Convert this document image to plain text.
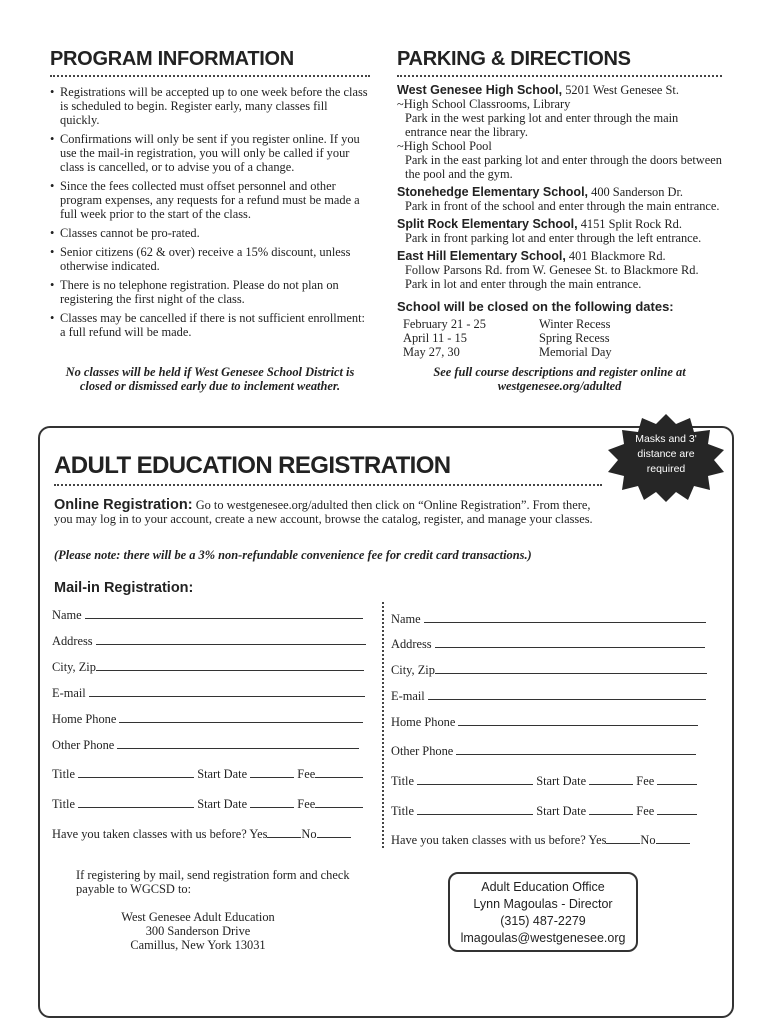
PROGRAM INFORMATION
• Registrations will be accepted up to one week before the class is scheduled to begin. Register early, many classes fill quickly.
• Confirmations will only be sent if you register online. If you use the mail-in registration, you will only be called if your class is cancelled, or to advise you of a change.
• Since the fees collected must offset personnel and other program expenses, any requests for a refund must be made a full week prior to the start of the class.
• Classes cannot be pro-rated.
• Senior citizens (62 & over) receive a 15% discount, unless otherwise indicated.
• There is no telephone registration. Please do not plan on registering the first night of the class.
• Classes may be cancelled if there is not sufficient enrollment: a full refund will be made.
No classes will be held if West Genesee School District is closed or dismissed early due to inclement weather.
PARKING & DIRECTIONS
West Genesee High School, 5201 West Genesee St.
~High School Classrooms, Library
Park in the west parking lot and enter through the main entrance near the library.
~High School Pool
Park in the east parking lot and enter through the doors between the pool and the gym.
Stonehedge Elementary School, 400 Sanderson Dr.
Park in front of the school and enter through the main entrance.
Split Rock Elementary School, 4151 Split Rock Rd.
Park in front parking lot and enter through the left entrance.
East Hill Elementary School, 401 Blackmore Rd.
Follow Parsons Rd. from W. Genesee St. to Blackmore Rd.
Park in lot and enter through the main entrance.
School will be closed on the following dates:
February 21 - 25	Winter Recess
April 11 - 15	Spring Recess
May 27, 30	Memorial Day
See full course descriptions and register online at westgenesee.org/adulted
Masks and 3' distance are required
ADULT EDUCATION REGISTRATION
Online Registration: Go to westgenesee.org/adulted then click on “Online Registration”. From there, you may log in to your account, create a new account, browse the catalog, register, and manage your classes.
(Please note: there will be a 3% non-refundable convenience fee for credit card transactions.)
Mail-in Registration:
Name
Address
City, Zip
E-mail
Home Phone
Other Phone
Title	Start Date	Fee
Title	Start Date	Fee
Have you taken classes with us before? Yes	No
Name
Address
City, Zip
E-mail
Home Phone
Other Phone
Title	Start Date	Fee
Title	Start Date	Fee
Have you taken classes with us before? Yes	No
If registering by mail, send registration form and check payable to WGCSD to:
West Genesee Adult Education
300 Sanderson Drive
Camillus, New York 13031
Adult Education Office
Lynn Magoulas - Director
(315) 487-2279
lmagoulas@westgenesee.org
